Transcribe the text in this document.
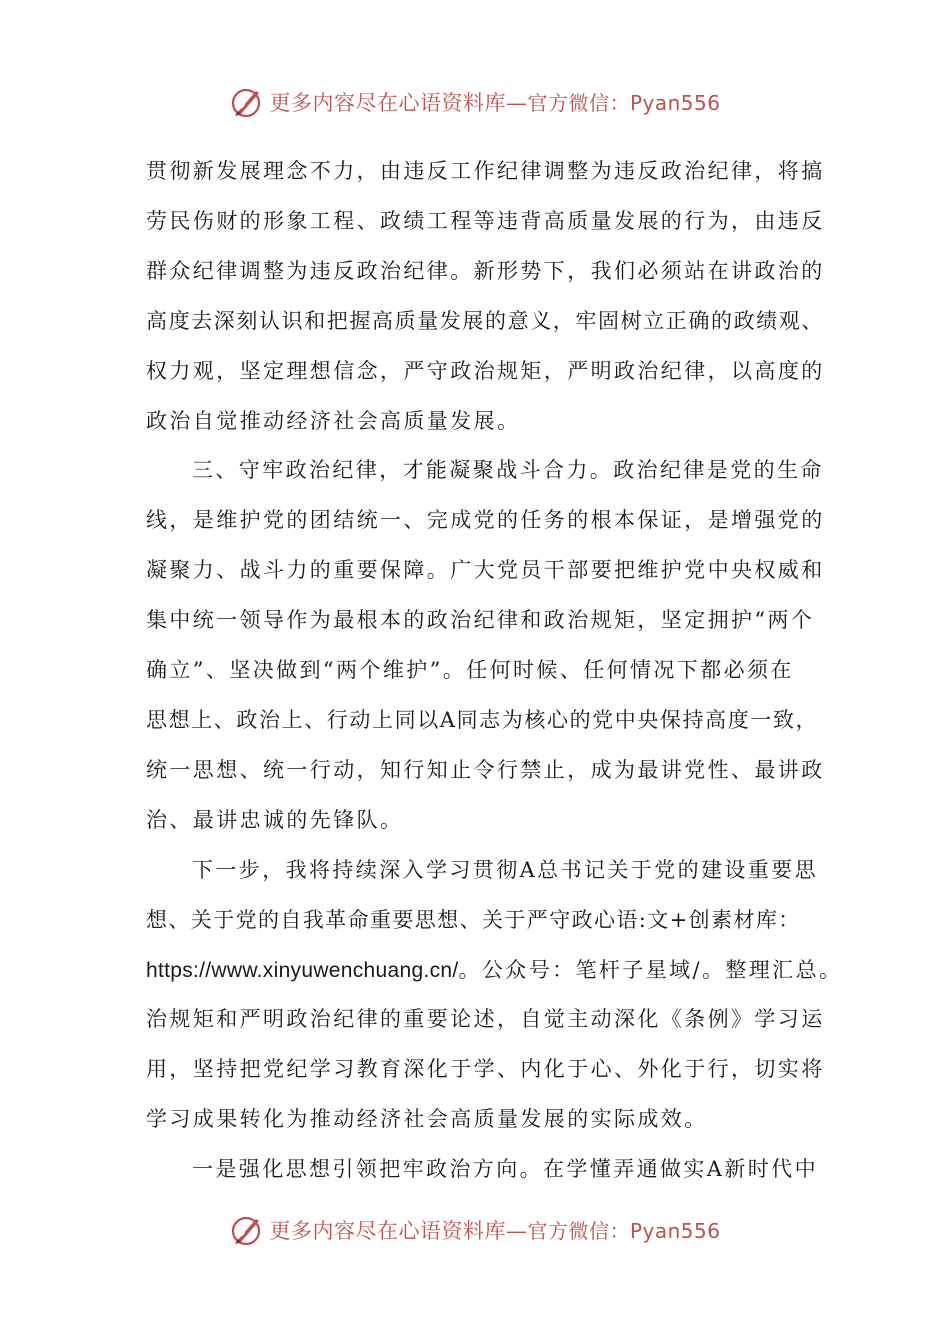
更多内容尽在心语资料库—官方微信：Pyan556

贯彻新发展理念不力，由违反工作纪律调整为违反政治纪律，将搞

劳民伤财的形象工程、政绩工程等违背高质量发展的行为，由违反

群众纪律调整为违反政治纪律。新形势下，我们必须站在讲政治的

高度去深刻认识和把握高质量发展的意义，牢固树立正确的政绩观、

权力观，坚定理想信念，严守政治规矩，严明政治纪律，以高度的

政治自觉推动经济社会高质量发展。

三、守牢政治纪律，才能凝聚战斗合力。政治纪律是党的生命

线，是维护党的团结统一、完成党的任务的根本保证，是增强党的

凝聚力、战斗力的重要保障。广大党员干部要把维护党中央权威和

集中统一领导作为最根本的政治纪律和政治规矩，坚定拥护“两个

确立”、坚决做到“两个维护”。任何时候、任何情况下都必须在

思想上、政治上、行动上同以A同志为核心的党中央保持高度一致，

统一思想、统一行动，知行知止令行禁止，成为最讲党性、最讲政

治、最讲忠诚的先锋队。

下一步，我将持续深入学习贯彻A总书记关于党的建设重要思

想、关于党的自我革命重要思想、关于严守政心语:文+创素材库：

https://www.xinyuwenchuang.cn/。公众号：笔杆子星域/。整理汇总。

治规矩和严明政治纪律的重要论述，自觉主动深化《条例》学习运

用，坚持把党纪学习教育深化于学、内化于心、外化于行，切实将

学习成果转化为推动经济社会高质量发展的实际成效。

一是强化思想引领把牢政治方向。在学懂弄通做实A新时代中

更多内容尽在心语资料库—官方微信：Pyan556
